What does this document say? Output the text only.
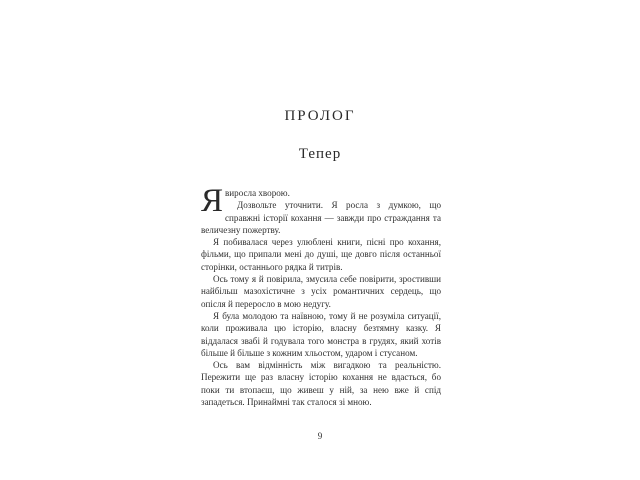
ПРОЛОГ
Тепер

Я виросла хворою.

Дозвольте уточнити. Я росла з думкою, що справжні історії кохання — завжди про страждання та величезну пожертву.

Я побивалася через улюблені книги, пісні про кохання, фільми, що припали мені до душі, ще довго після останньої сторінки, останнього рядка й титрів.

Ось тому я й повірила, змусила себе повірити, зростивши найбільш мазохістичне з усіх романтичних сердець, що опісля й переросло в мою недугу.

Я була молодою та наївною, тому й не розуміла ситуації, коли проживала цю історію, власну безтямну казку. Я віддалася звабі й годувала того монстра в грудях, який хотів більше й більше з кожним хльостом, ударом і стусаном.

Ось вам відмінність між вигадкою та реальністю. Пережити ще раз власну історію кохання не вдасться, бо поки ти втопаєш, що живеш у ній, за нею вже й спід западеться. Принаймні так сталося зі мною.

9
